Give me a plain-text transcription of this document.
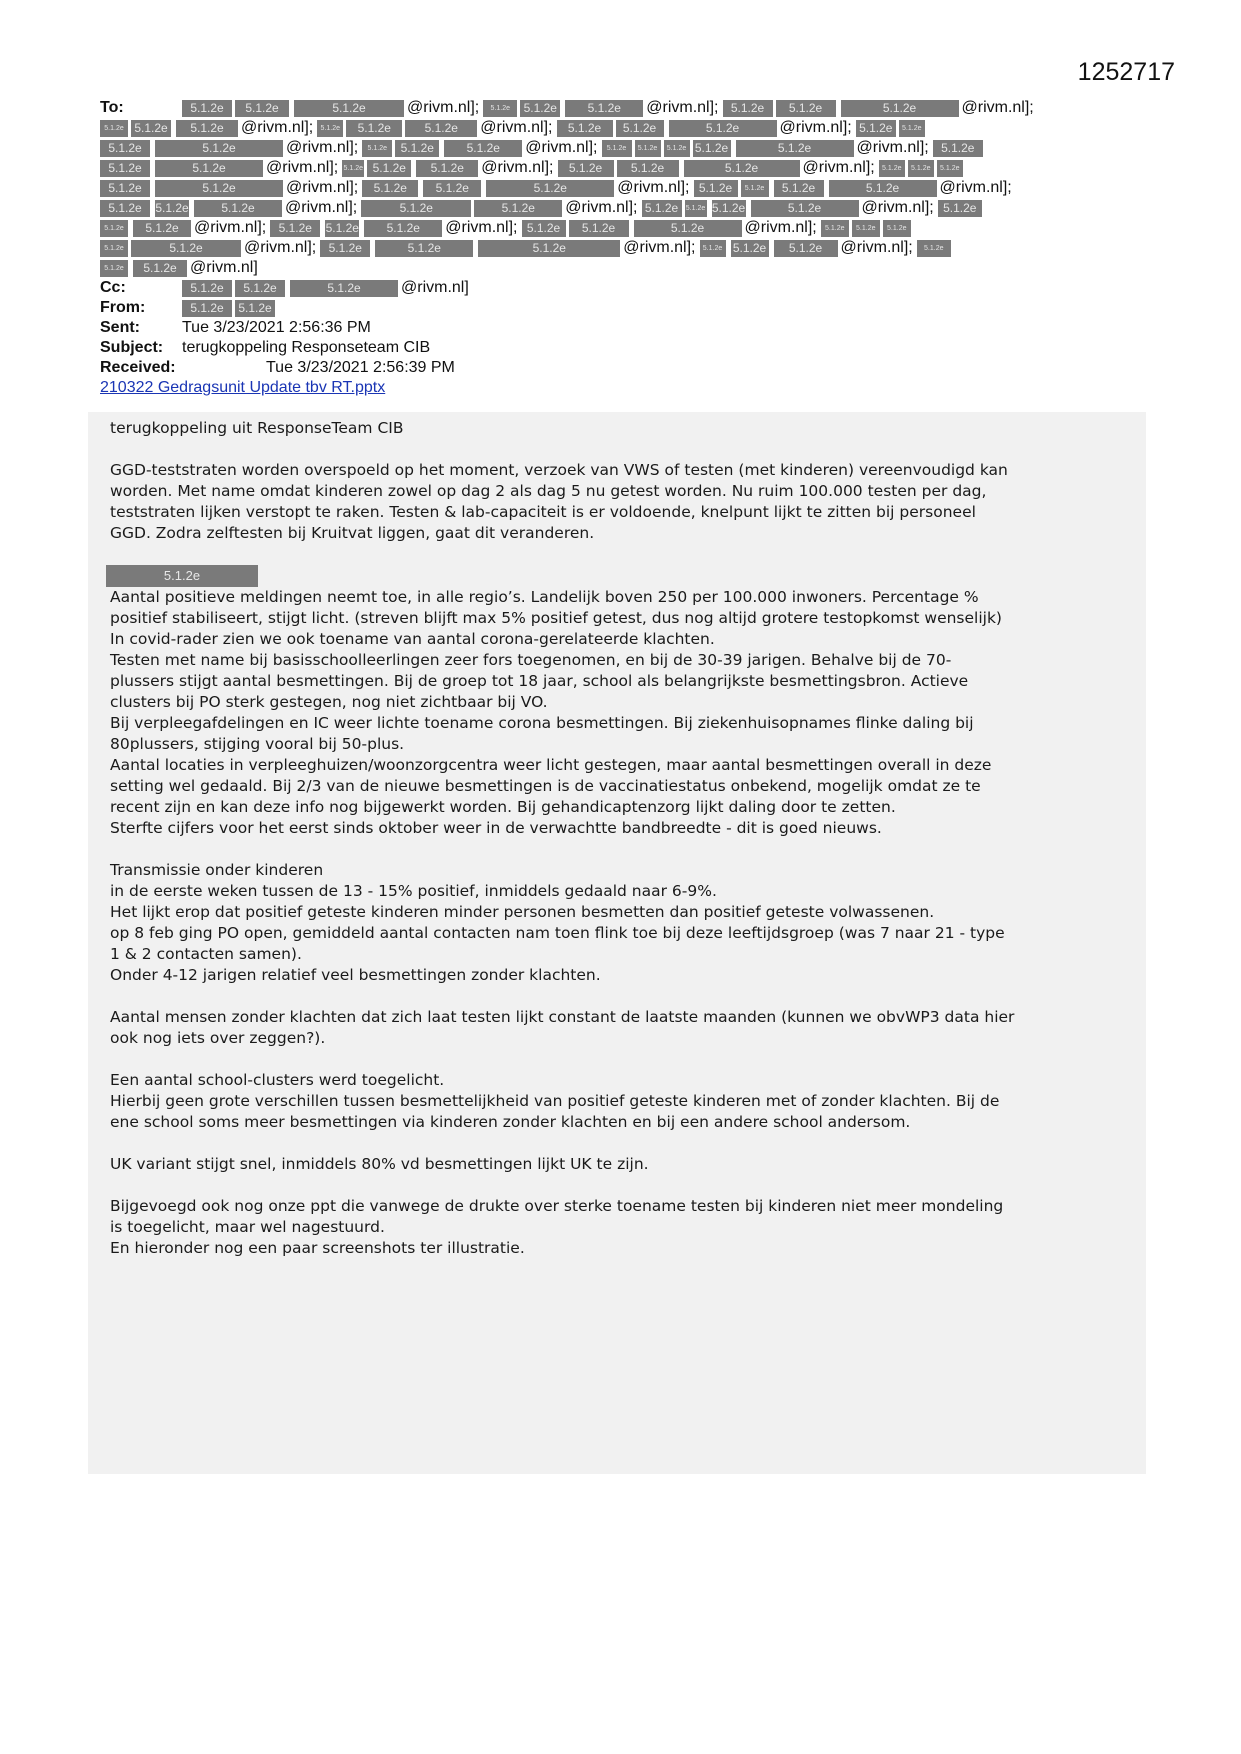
1252717
To:	5.1.2e	5.1.2e	5.1.2e	@rivm.nl];	5.1.2e	5.1.2e	5.1.2e	@rivm.nl];	5.1.2e	5.1.2e	5.1.2e	@rivm.nl];
5.1.2e 5.1.2e	5.1.2e	@rivm.nl];	5.1.2e	5.1.2e	5.1.2e	@rivm.nl];	5.1.2e	5.1.2e	5.1.2e	@rivm.nl]; 5.1.2e	5.1.2e
5.1.2e	5.1.2e	@rivm.nl];	5.1.2e	5.1.2e	5.1.2e	@rivm.nl];	5.1.2e	5.1.2e	5.1.2e 5.1.2e	5.1.2e	@rivm.nl];	5.1.2e
5.1.2e	5.1.2e	@rivm.nl]; 5.1.2e 5.1.2e	5.1.2e	@rivm.nl];	5.1.2e	5.1.2e	5.1.2e	@rivm.nl];	5.1.2e	5.1.2e	5.1.2e
5.1.2e	5.1.2e	@rivm.nl];	5.1.2e	5.1.2e	5.1.2e	@rivm.nl]; 5.1.2e	5.1.2e	5.1.2e	5.1.2e	@rivm.nl];
5.1.2e	5.1.2e	5.1.2e	@rivm.nl];	5.1.2e	5.1.2e	@rivm.nl]; 5.1.2e	5.1.2e 5.1.2e	5.1.2e	@rivm.nl]; 5.1.2e
5.1.2e	5.1.2e @rivm.nl];	5.1.2e	5.1.2e	5.1.2e	@rivm.nl]; 5.1.2e	5.1.2e	5.1.2e	@rivm.nl];	5.1.2e	5.1.2e	5.1.2e
5.1.2e	5.1.2e	@rivm.nl];	5.1.2e	5.1.2e	5.1.2e	@rivm.nl];	5.1.2e 5.1.2e	5.1.2e	@rivm.nl];	5.1.2e
5.1.2e	5.1.2e @rivm.nl]
Cc:	5.1.2e	5.1.2e	5.1.2e	@rivm.nl]
From:	5.1.2e	5.1.2e
Sent:	Tue 3/23/2021 2:56:36 PM
Subject:	terugkoppeling Responseteam CIB
Received:	Tue 3/23/2021 2:56:39 PM
210322 Gedragsunit Update tbv RT.pptx

terugkoppeling uit ResponseTeam CIB

GGD-teststraten worden overspoeld op het moment, verzoek van VWS of testen (met kinderen) vereenvoudigd kan
worden. Met name omdat kinderen zowel op dag 2 als dag 5 nu getest worden. Nu ruim 100.000 testen per dag,
teststraten lijken verstopt te raken. Testen & lab-capaciteit is er voldoende, knelpunt lijkt te zitten bij personeel
GGD. Zodra zelftesten bij Kruitvat liggen, gaat dit veranderen.

5.1.2e

Aantal positieve meldingen neemt toe, in alle regio’s. Landelijk boven 250 per 100.000 inwoners. Percentage %
positief stabiliseert, stijgt licht. (streven blijft max 5% positief getest, dus nog altijd grotere testopkomst wenselijk)
In covid-rader zien we ook toename van aantal corona-gerelateerde klachten.
Testen met name bij basisschoolleerlingen zeer fors toegenomen, en bij de 30-39 jarigen. Behalve bij de 70-
plussers stijgt aantal besmettingen. Bij de groep tot 18 jaar, school als belangrijkste besmettingsbron. Actieve
clusters bij PO sterk gestegen, nog niet zichtbaar bij VO.
Bij verpleegafdelingen en IC weer lichte toename corona besmettingen. Bij ziekenhuisopnames flinke daling bij
80plussers, stijging vooral bij 50-plus.
Aantal locaties in verpleeghuizen/woonzorgcentra weer licht gestegen, maar aantal besmettingen overall in deze
setting wel gedaald. Bij 2/3 van de nieuwe besmettingen is de vaccinatiestatus onbekend, mogelijk omdat ze te
recent zijn en kan deze info nog bijgewerkt worden. Bij gehandicaptenzorg lijkt daling door te zetten.
Sterfte cijfers voor het eerst sinds oktober weer in de verwachtte bandbreedte - dit is goed nieuws.

Transmissie onder kinderen
in de eerste weken tussen de 13 - 15% positief, inmiddels gedaald naar 6-9%.
Het lijkt erop dat positief geteste kinderen minder personen besmetten dan positief geteste volwassenen.
op 8 feb ging PO open, gemiddeld aantal contacten nam toen flink toe bij deze leeftijdsgroep (was 7 naar 21 - type
1 & 2 contacten samen).
Onder 4-12 jarigen relatief veel besmettingen zonder klachten.

Aantal mensen zonder klachten dat zich laat testen lijkt constant de laatste maanden (kunnen we obvWP3 data hier
ook nog iets over zeggen?).

Een aantal school-clusters werd toegelicht.
Hierbij geen grote verschillen tussen besmettelijkheid van positief geteste kinderen met of zonder klachten. Bij de
ene school soms meer besmettingen via kinderen zonder klachten en bij een andere school andersom.

UK variant stijgt snel, inmiddels 80% vd besmettingen lijkt UK te zijn.

Bijgevoegd ook nog onze ppt die vanwege de drukte over sterke toename testen bij kinderen niet meer mondeling
is toegelicht, maar wel nagestuurd.
En hieronder nog een paar screenshots ter illustratie.
